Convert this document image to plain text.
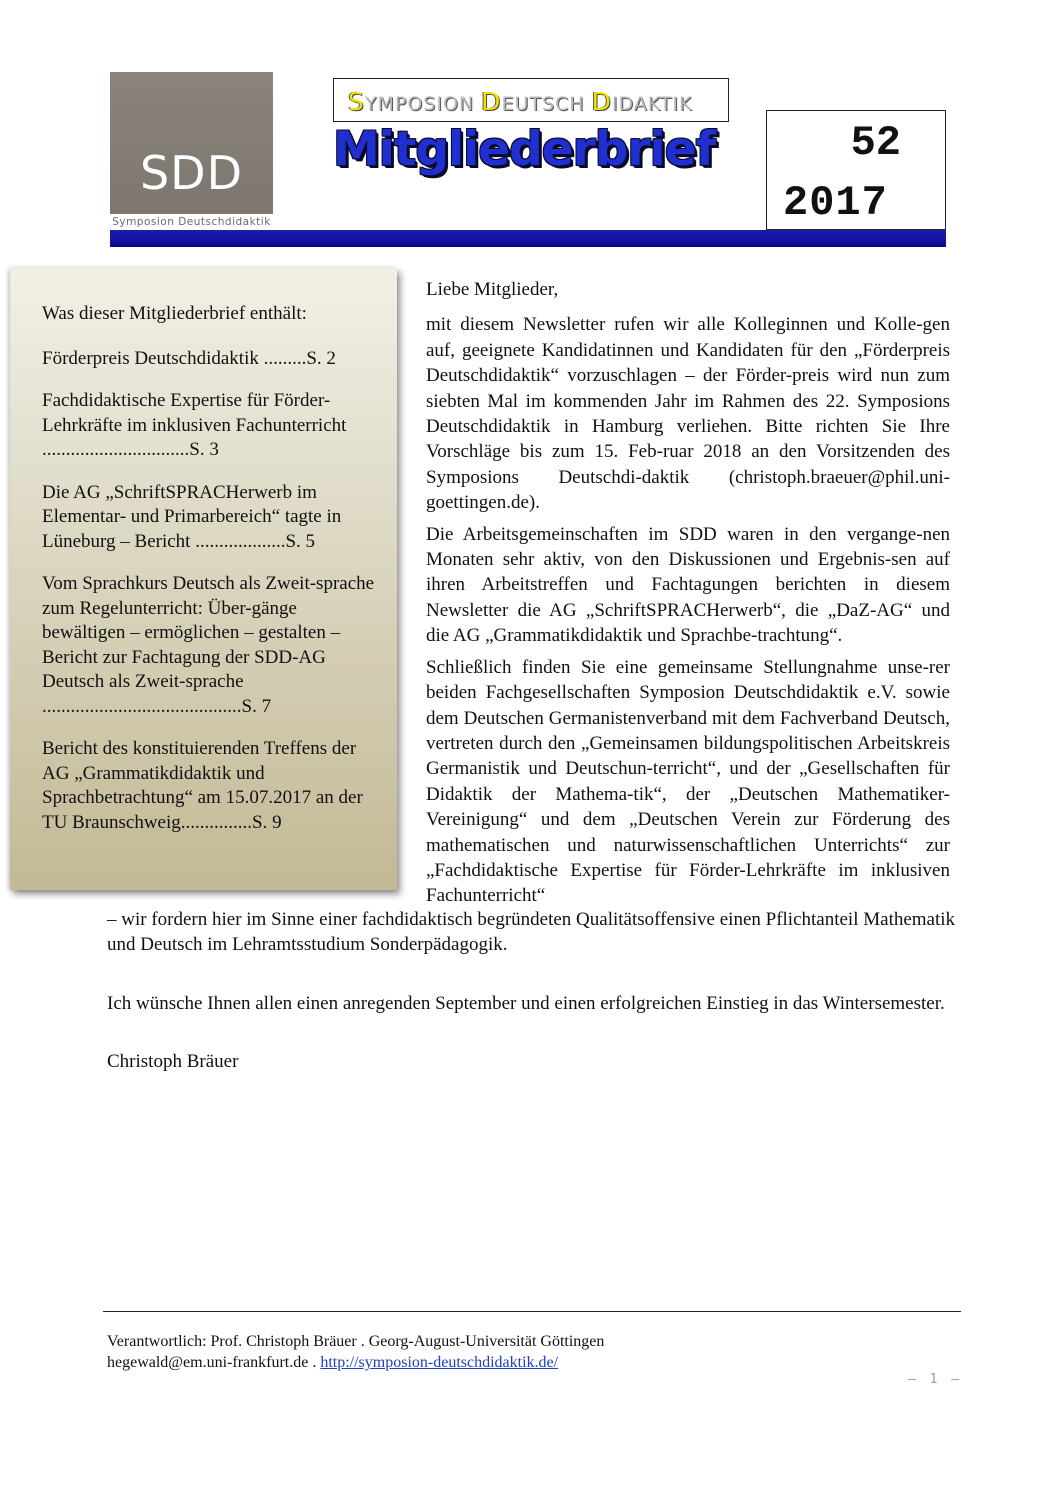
SDD
Symposion Deutschdidaktik
SYMPOSION DEUTSCH DIDAKTIK
Mitgliederbrief	52
2017
Was dieser Mitgliederbrief enthält:
Förderpreis Deutschdidaktik .........S. 2
Fachdidaktische Expertise für Förder-Lehrkräfte im inklusiven Fachunterricht ...............................S. 3
Die AG „SchriftSPRACHerwerb im Elementar- und Primarbereich“ tagte in Lüneburg – Bericht ...................S. 5
Vom Sprachkurs Deutsch als Zweit-sprache zum Regelunterricht: Über-gänge bewältigen – ermöglichen – gestalten – Bericht zur Fachtagung der SDD-AG Deutsch als Zweit-sprache ..........................................S. 7
Bericht des konstituierenden Treffens der AG „Grammatikdidaktik und Sprachbetrachtung“ am 15.07.2017 an der TU Braunschweig...............S. 9

Liebe Mitglieder,

mit diesem Newsletter rufen wir alle Kolleginnen und Kolle-gen auf, geeignete Kandidatinnen und Kandidaten für den „Förderpreis Deutschdidaktik“ vorzuschlagen – der Förder-preis wird nun zum siebten Mal im kommenden Jahr im Rahmen des 22. Symposions Deutschdidaktik in Hamburg verliehen. Bitte richten Sie Ihre Vorschläge bis zum 15. Feb-ruar 2018 an den Vorsitzenden des Symposions Deutschdi-daktik (christoph.braeuer@phil.uni-goettingen.de).

Die Arbeitsgemeinschaften im SDD waren in den vergange-nen Monaten sehr aktiv, von den Diskussionen und Ergebnis-sen auf ihren Arbeitstreffen und Fachtagungen berichten in diesem Newsletter die AG „SchriftSPRACHerwerb“, die „DaZ-AG“ und die AG „Grammatikdidaktik und Sprachbe-trachtung“.

Schließlich finden Sie eine gemeinsame Stellungnahme unse-rer beiden Fachgesellschaften Symposion Deutschdidaktik e.V. sowie dem Deutschen Germanistenverband mit dem Fachverband Deutsch, vertreten durch den „Gemeinsamen bildungspolitischen Arbeitskreis Germanistik und Deutschun-terricht“, und der „Gesellschaften für Didaktik der Mathema-tik“, der „Deutschen Mathematiker-Vereinigung“ und dem „Deutschen Verein zur Förderung des mathematischen und naturwissenschaftlichen Unterrichts“ zur „Fachdidaktische Expertise für Förder-Lehrkräfte im inklusiven Fachunterricht“

– wir fordern hier im Sinne einer fachdidaktisch begründeten Qualitätsoffensive einen Pflichtanteil Mathematik und Deutsch im Lehramtsstudium Sonderpädagogik.

Ich wünsche Ihnen allen einen anregenden September und einen erfolgreichen Einstieg in das Wintersemester.

Christoph Bräuer

Verantwortlich: Prof. Christoph Bräuer . Georg-August-Universität Göttingen
hegewald@em.uni-frankfurt.de . http://symposion-deutschdidaktik.de/
– 1 –
